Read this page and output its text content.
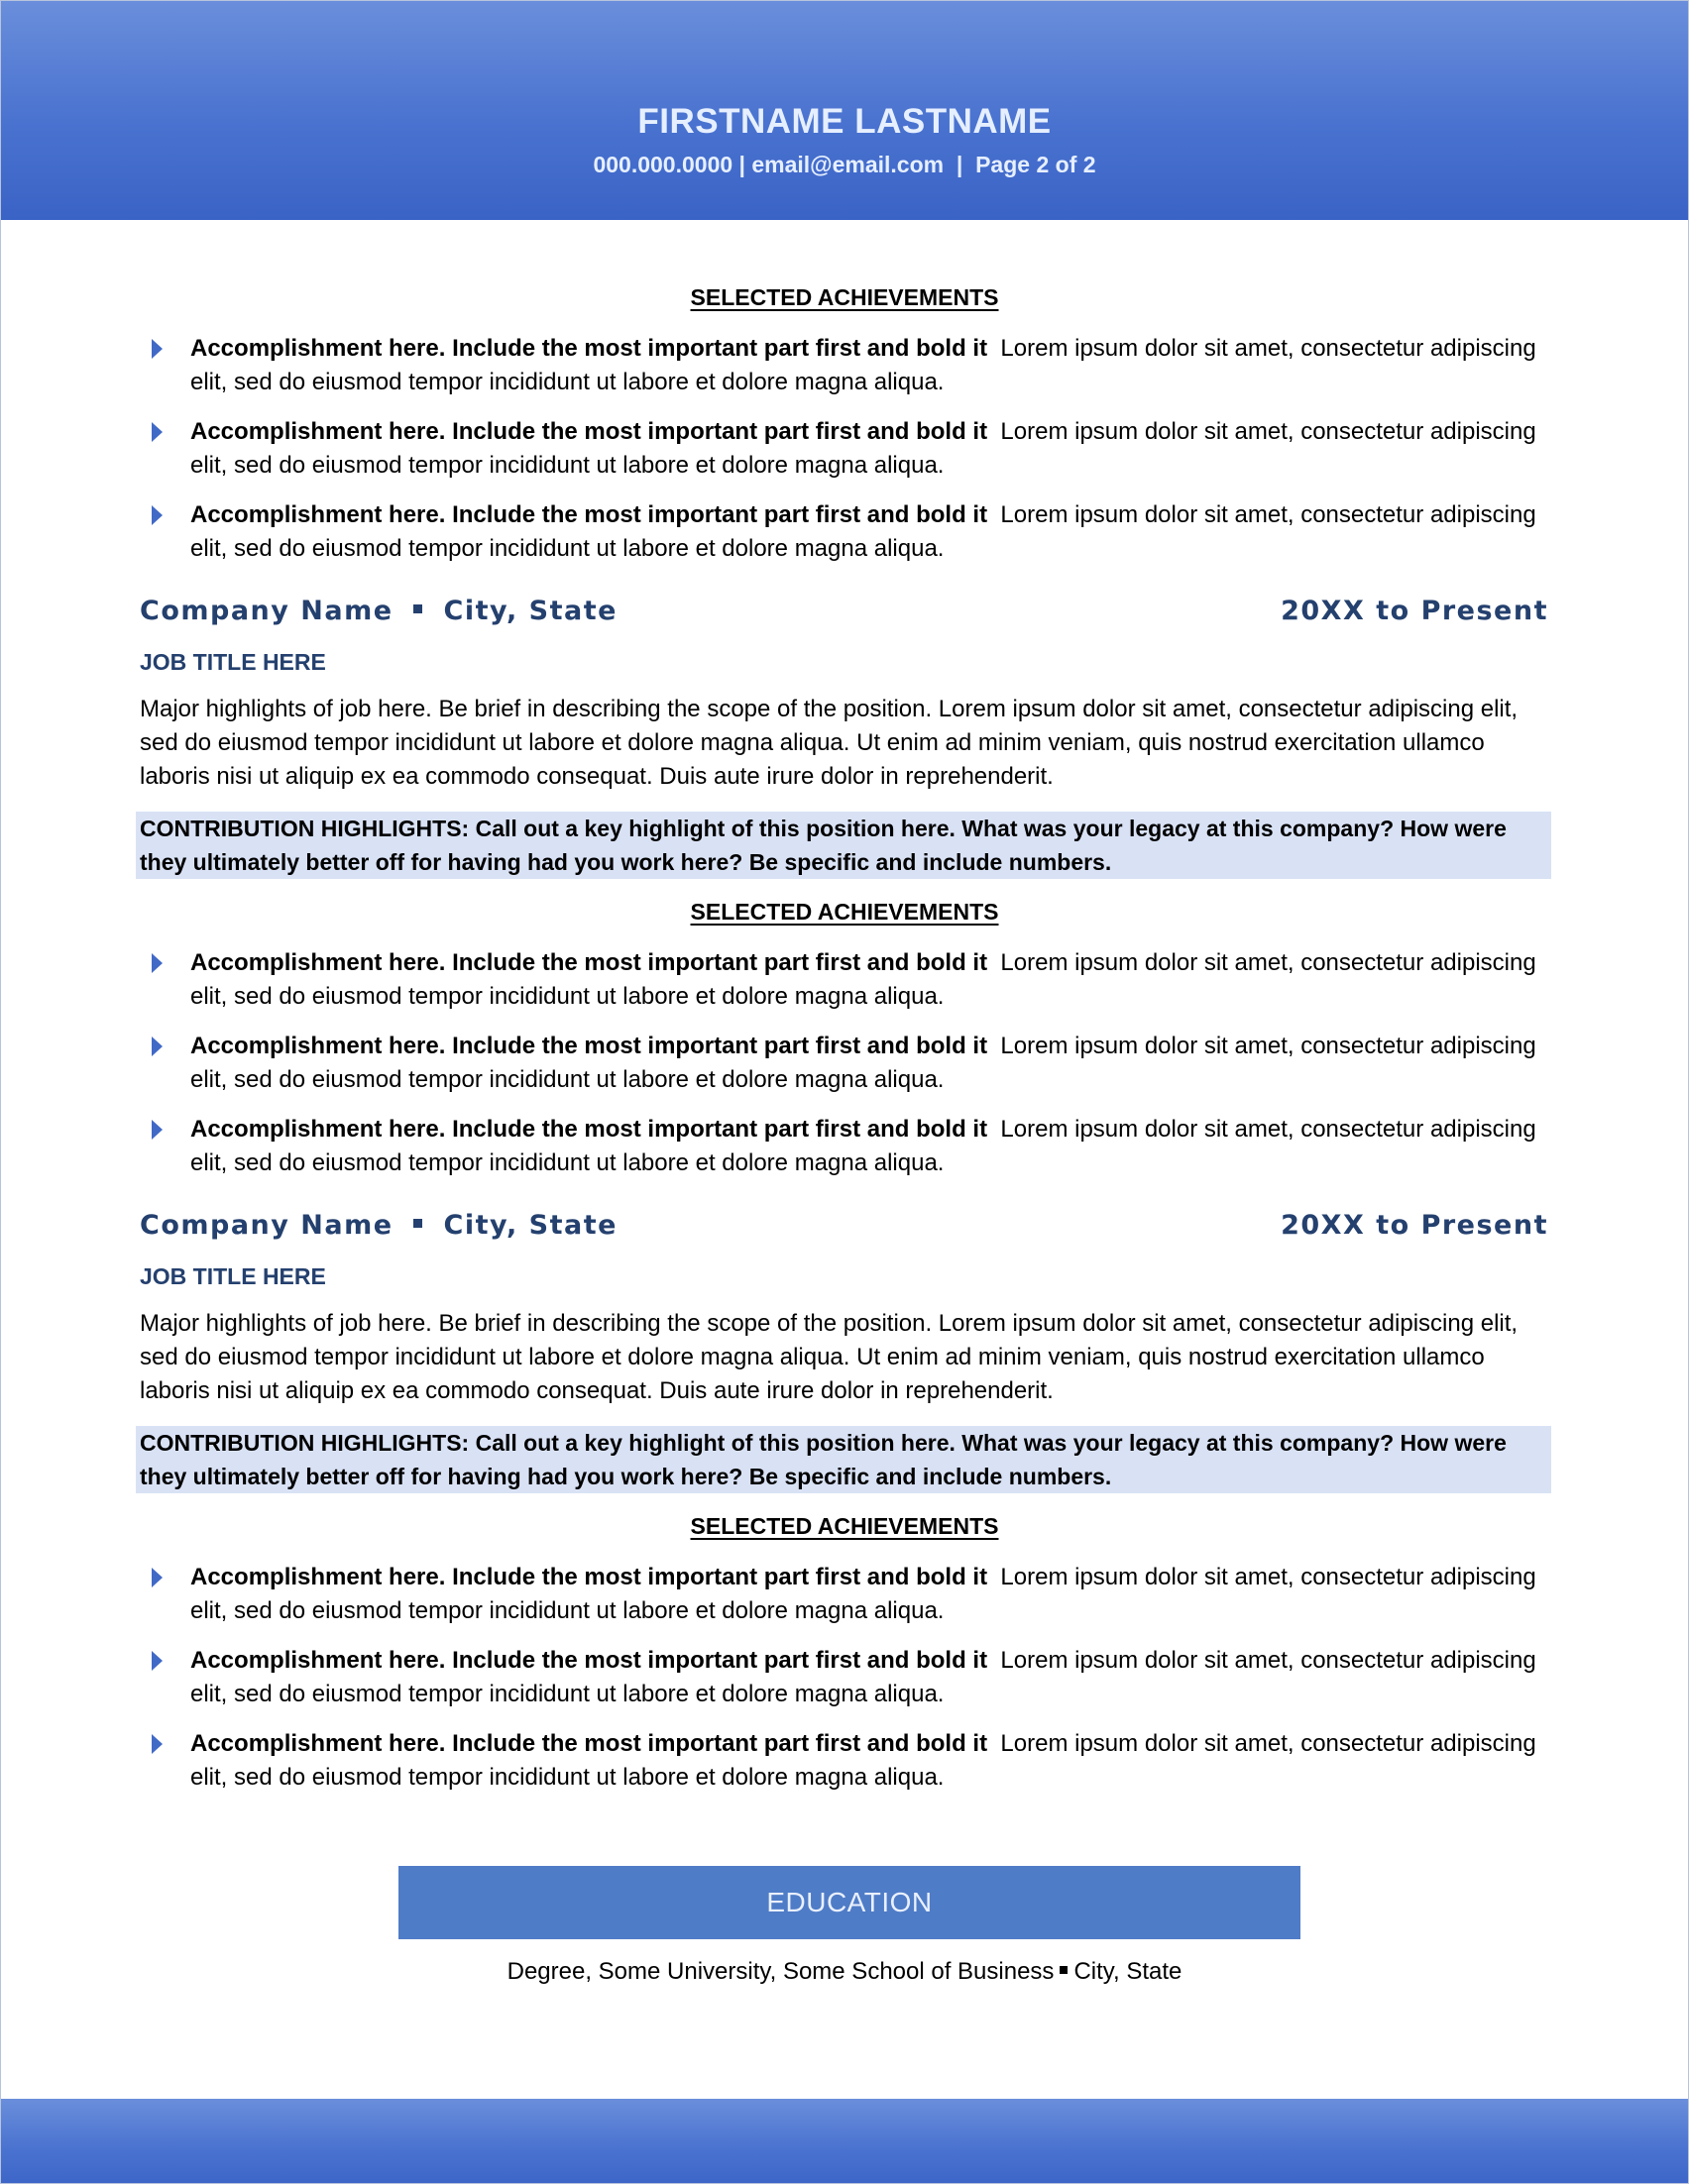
FIRSTNAME LASTNAME
000.000.0000 | email@email.com  |  Page 2 of 2
SELECTED ACHIEVEMENTS
Accomplishment here. Include the most important part first and bold it  Lorem ipsum dolor sit amet, consectetur adipiscing elit, sed do eiusmod tempor incididunt ut labore et dolore magna aliqua.
Accomplishment here. Include the most important part first and bold it  Lorem ipsum dolor sit amet, consectetur adipiscing elit, sed do eiusmod tempor incididunt ut labore et dolore magna aliqua.
Accomplishment here. Include the most important part first and bold it  Lorem ipsum dolor sit amet, consectetur adipiscing elit, sed do eiusmod tempor incididunt ut labore et dolore magna aliqua.
Company Name City, State	20XX to Present
JOB TITLE HERE
Major highlights of job here. Be brief in describing the scope of the position. Lorem ipsum dolor sit amet, consectetur adipiscing elit, sed do eiusmod tempor incididunt ut labore et dolore magna aliqua. Ut enim ad minim veniam, quis nostrud exercitation ullamco laboris nisi ut aliquip ex ea commodo consequat. Duis aute irure dolor in reprehenderit.
CONTRIBUTION HIGHLIGHTS: Call out a key highlight of this position here. What was your legacy at this company? How were they ultimately better off for having had you work here? Be specific and include numbers.
SELECTED ACHIEVEMENTS
Accomplishment here. Include the most important part first and bold it  Lorem ipsum dolor sit amet, consectetur adipiscing elit, sed do eiusmod tempor incididunt ut labore et dolore magna aliqua.
Accomplishment here. Include the most important part first and bold it  Lorem ipsum dolor sit amet, consectetur adipiscing elit, sed do eiusmod tempor incididunt ut labore et dolore magna aliqua.
Accomplishment here. Include the most important part first and bold it  Lorem ipsum dolor sit amet, consectetur adipiscing elit, sed do eiusmod tempor incididunt ut labore et dolore magna aliqua.
Company Name City, State	20XX to Present
JOB TITLE HERE
Major highlights of job here. Be brief in describing the scope of the position. Lorem ipsum dolor sit amet, consectetur adipiscing elit, sed do eiusmod tempor incididunt ut labore et dolore magna aliqua. Ut enim ad minim veniam, quis nostrud exercitation ullamco laboris nisi ut aliquip ex ea commodo consequat. Duis aute irure dolor in reprehenderit.
CONTRIBUTION HIGHLIGHTS: Call out a key highlight of this position here. What was your legacy at this company? How were they ultimately better off for having had you work here? Be specific and include numbers.
SELECTED ACHIEVEMENTS
Accomplishment here. Include the most important part first and bold it  Lorem ipsum dolor sit amet, consectetur adipiscing elit, sed do eiusmod tempor incididunt ut labore et dolore magna aliqua.
Accomplishment here. Include the most important part first and bold it  Lorem ipsum dolor sit amet, consectetur adipiscing elit, sed do eiusmod tempor incididunt ut labore et dolore magna aliqua.
Accomplishment here. Include the most important part first and bold it  Lorem ipsum dolor sit amet, consectetur adipiscing elit, sed do eiusmod tempor incididunt ut labore et dolore magna aliqua.
EDUCATION
Degree, Some University, Some School of Business City, State
